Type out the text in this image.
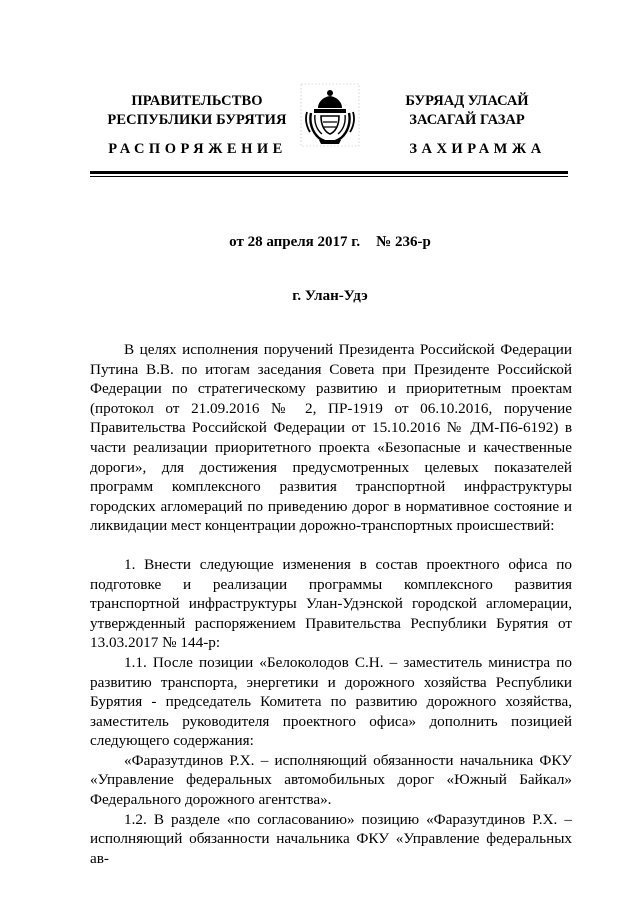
ПРАВИТЕЛЬСТВО
РЕСПУБЛИКИ БУРЯТИЯ
БУРЯАД УЛАСАЙ
ЗАСАГАЙ ГАЗАР
РАСПОРЯЖЕНИЕ	ЗАХИРАМЖА
от 28 апреля 2017 г. № 236-р
г. Улан-Удэ

В целях исполнения поручений Президента Российской Федерации Путина В.В. по итогам заседания Совета при Президенте Российской Федерации по стратегическому развитию и приоритетным проектам (протокол от 21.09.2016 № 2, ПР-1919 от 06.10.2016, поручение Правительства Российской Федерации от 15.10.2016 № ДМ-П6-6192) в части реализации приоритетного проекта «Безопасные и качественные дороги», для достижения предусмотренных целевых показателей программ комплексного развития транспортной инфраструктуры городских агломераций по приведению дорог в нормативное состояние и ликвидации мест концентрации дорожно-транспортных происшествий:

1. Внести следующие изменения в состав проектного офиса по подготовке и реализации программы комплексного развития транспортной инфраструктуры Улан-Удэнской городской агломерации, утвержденный распоряжением Правительства Республики Бурятия от 13.03.2017 № 144-р:

1.1. После позиции «Белоколодов С.Н. – заместитель министра по развитию транспорта, энергетики и дорожного хозяйства Республики Бурятия - председатель Комитета по развитию дорожного хозяйства, заместитель руководителя проектного офиса» дополнить позицией следующего содержания:

«Фаразутдинов Р.Х. – исполняющий обязанности начальника ФКУ «Управление федеральных автомобильных дорог «Южный Байкал» Федерального дорожного агентства».

1.2. В разделе «по согласованию» позицию «Фаразутдинов Р.Х. – исполняющий обязанности начальника ФКУ «Управление федеральных ав-
